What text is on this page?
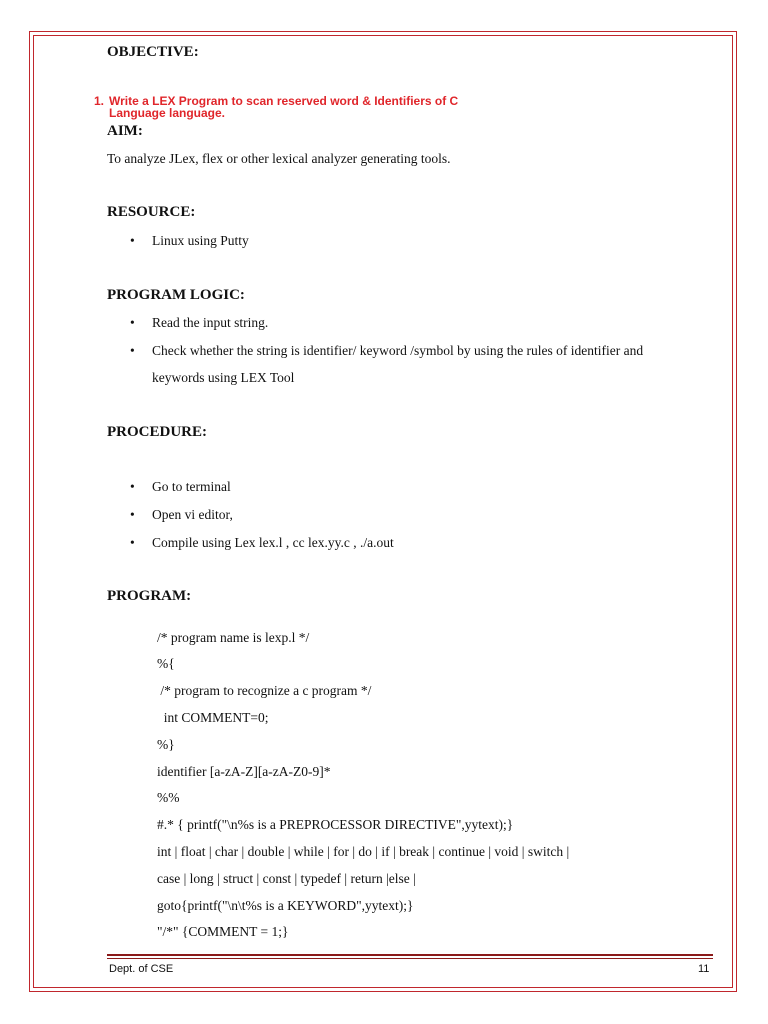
OBJECTIVE:
1. Write a LEX Program to scan reserved word & Identifiers of C
Language language.
AIM:
To analyze JLex, flex or other lexical analyzer generating tools.
RESOURCE:
• Linux using Putty
PROGRAM LOGIC:
• Read the input string.
• Check whether the string is identifier/ keyword /symbol by using the rules of identifier and
keywords using LEX Tool
PROCEDURE:
• Go to terminal
• Open vi editor,
• Compile using Lex lex.l , cc lex.yy.c , ./a.out
PROGRAM:
/* program name is lexp.l */
%{
/* program to recognize a c program */
int COMMENT=0;
%}
identifier [a-zA-Z][a-zA-Z0-9]*
%%
#.* { printf("\n%s is a PREPROCESSOR DIRECTIVE",yytext);}
int | float | char | double | while | for | do | if | break | continue | void | switch |
case | long | struct | const | typedef | return |else |
goto{printf("\n\t%s is a KEYWORD",yytext);}
"/*" {COMMENT = 1;}
Dept. of CSE	11
